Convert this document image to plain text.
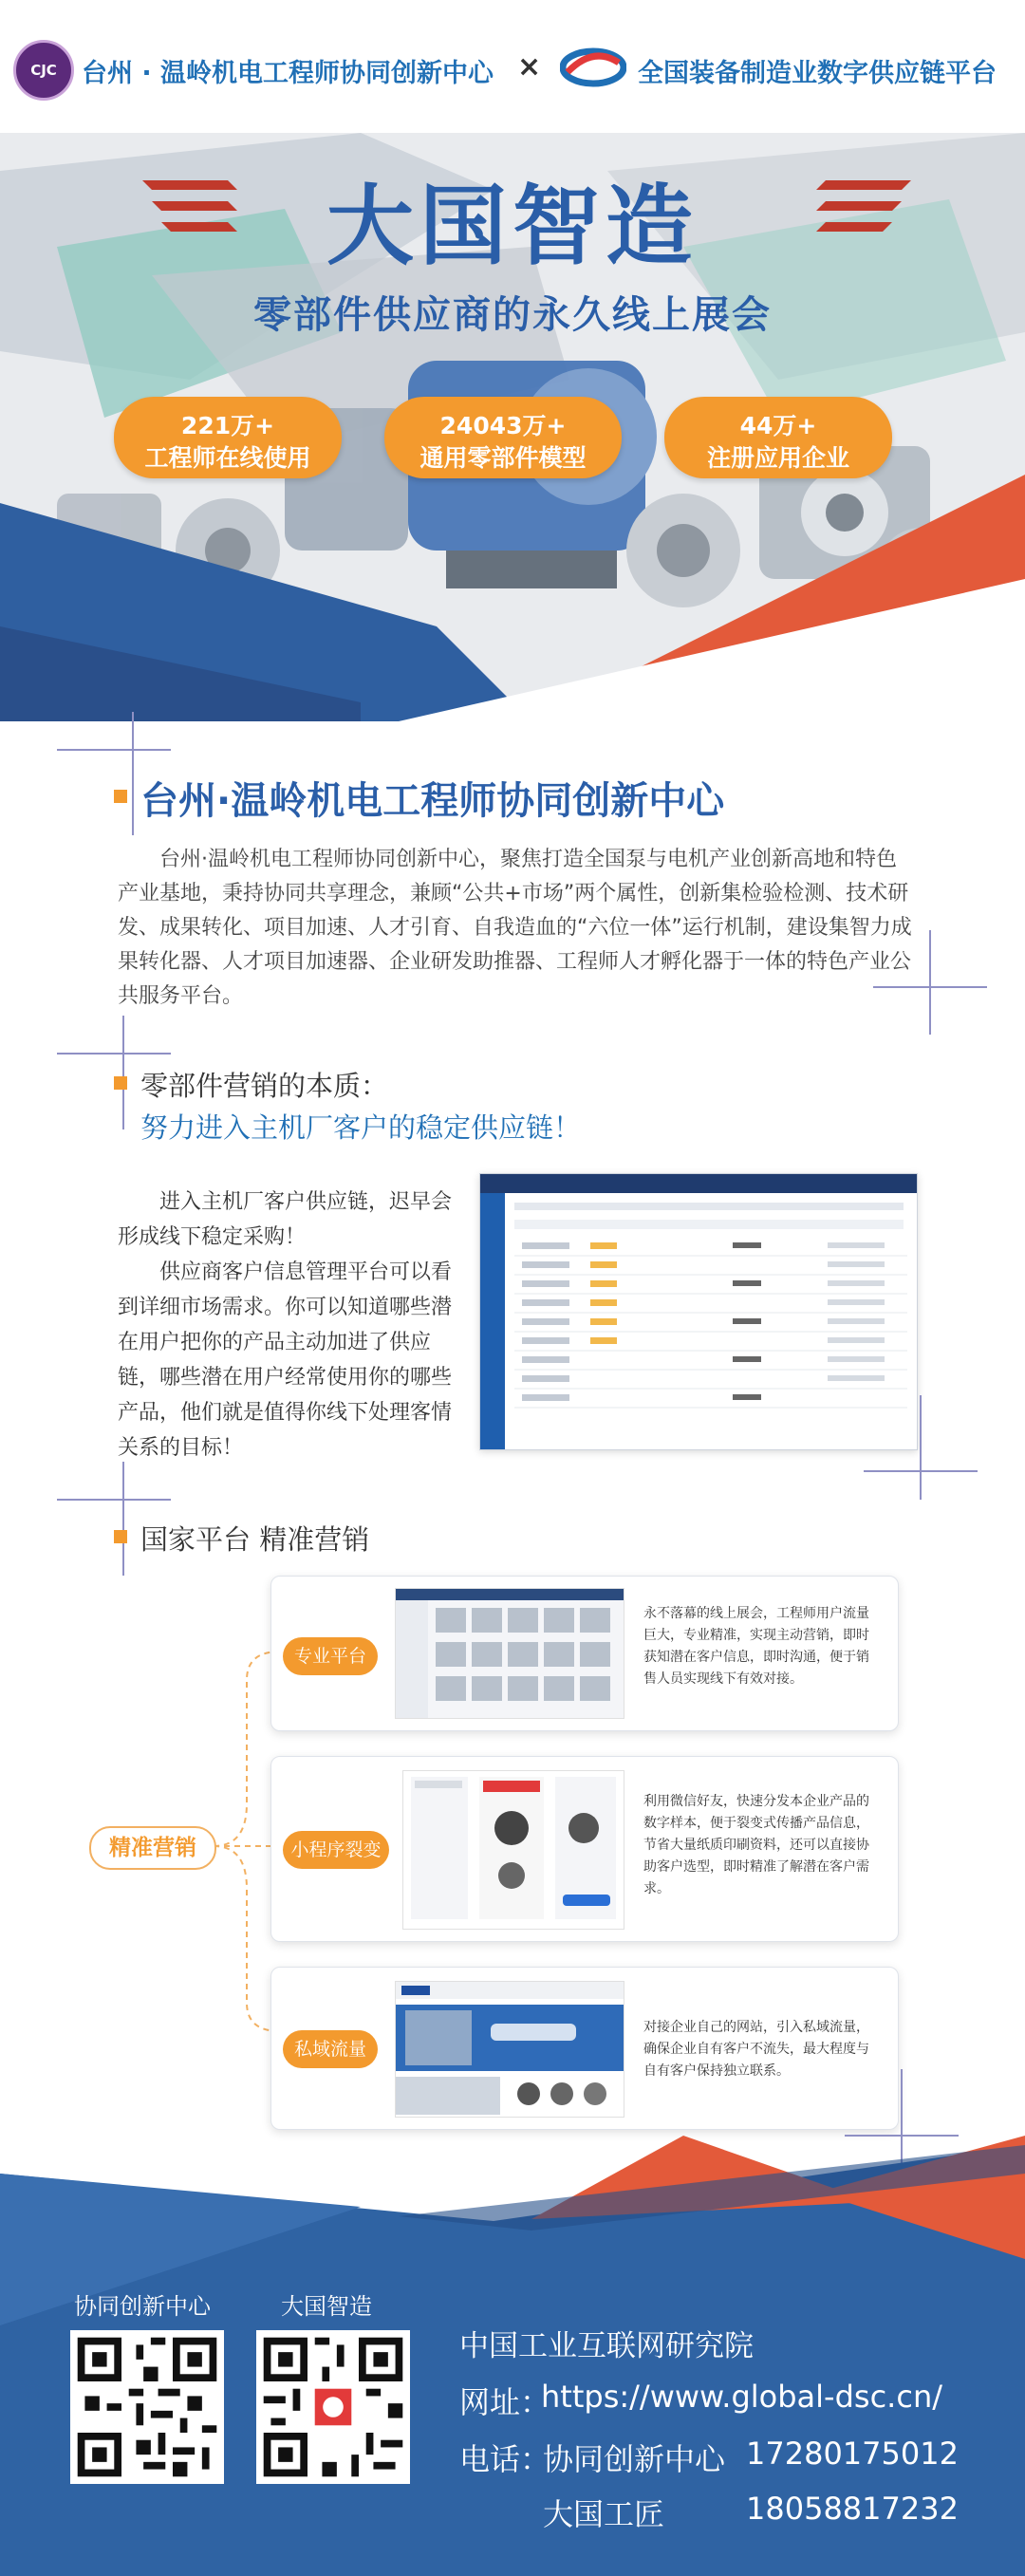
CJC 台州 · 温岭机电工程师协同创新中心 ×	全国装备制造业数字供应链平台
大国智造
零部件供应商的永久线上展会
221万+
工程师在线使用
24043万+
通用零部件模型
44万+
注册应用企业
台州·温岭机电工程师协同创新中心
台州·温岭机电工程师协同创新中心，聚焦打造全国泵与电机产业创新高地和特色产业基地，秉持协同共享理念，兼顾“公共+市场”两个属性，创新集检验检测、技术研发、成果转化、项目加速、人才引育、自我造血的“六位一体”运行机制，建设集智力成果转化器、人才项目加速器、企业研发助推器、工程师人才孵化器于一体的特色产业公共服务平台。
零部件营销的本质：
努力进入主机厂客户的稳定供应链！
进入主机厂客户供应链，迟早会形成线下稳定采购！
供应商客户信息管理平台可以看到详细市场需求。你可以知道哪些潜在用户把你的产品主动加进了供应链，哪些潜在用户经常使用你的哪些产品，他们就是值得你线下处理客情关系的目标！
国家平台 精准营销
精准营销
专业平台
永不落幕的线上展会，工程师用户流量巨大，专业精准，实现主动营销，即时获知潜在客户信息，即时沟通，便于销售人员实现线下有效对接。
小程序裂变
利用微信好友，快速分发本企业产品的数字样本，便于裂变式传播产品信息，节省大量纸质印刷资料，还可以直接协助客户选型，即时精准了解潜在客户需求。
私域流量
对接企业自己的网站，引入私域流量，确保企业自有客户不流失，最大程度与自有客户保持独立联系。
协同创新中心	大国智造
中国工业互联网研究院
网址：
https://www.global-dsc.cn/
电话：
协同创新中心 17280175012
大国工匠	18058817232
